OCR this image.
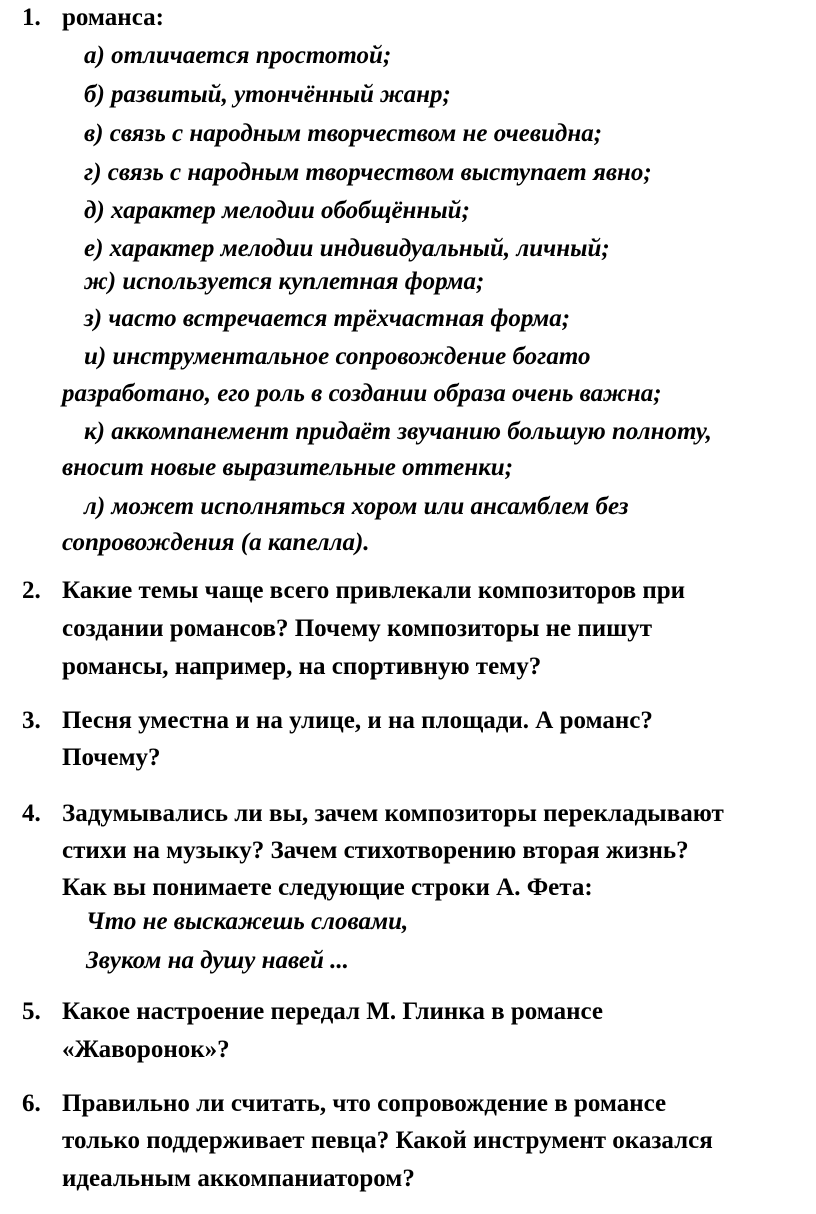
1. романса:
а) отличается простотой;
б) развитый, утончённый жанр;
в) связь с народным творчеством не очевидна;
г) связь с народным творчеством выступает явно;
д) характер мелодии обобщённый;
е) характер мелодии индивидуальный, личный;
ж) используется куплетная форма;
з) часто встречается трёхчастная форма;
и) инструментальное сопровождение богато
разработано, его роль в создании образа очень важна;
к) аккомпанемент придаёт звучанию большую полноту,
вносит новые выразительные оттенки;
л) может исполняться хором или ансамблем без
сопровождения (а капелла).
2. Какие темы чаще всего привлекали композиторов при
создании романсов? Почему композиторы не пишут
романсы, например, на спортивную тему?
3. Песня уместна и на улице, и на площади. А романс?
Почему?
4. Задумывались ли вы, зачем композиторы перекладывают
стихи на музыку? Зачем стихотворению вторая жизнь?
Как вы понимаете следующие строки А. Фета:
Что не выскажешь словами,
Звуком на душу навей ...
5. Какое настроение передал М. Глинка в романсе
«Жаворонок»?
6. Правильно ли считать, что сопровождение в романсе
только поддерживает певца? Какой инструмент оказался
идеальным аккомпаниатором?
